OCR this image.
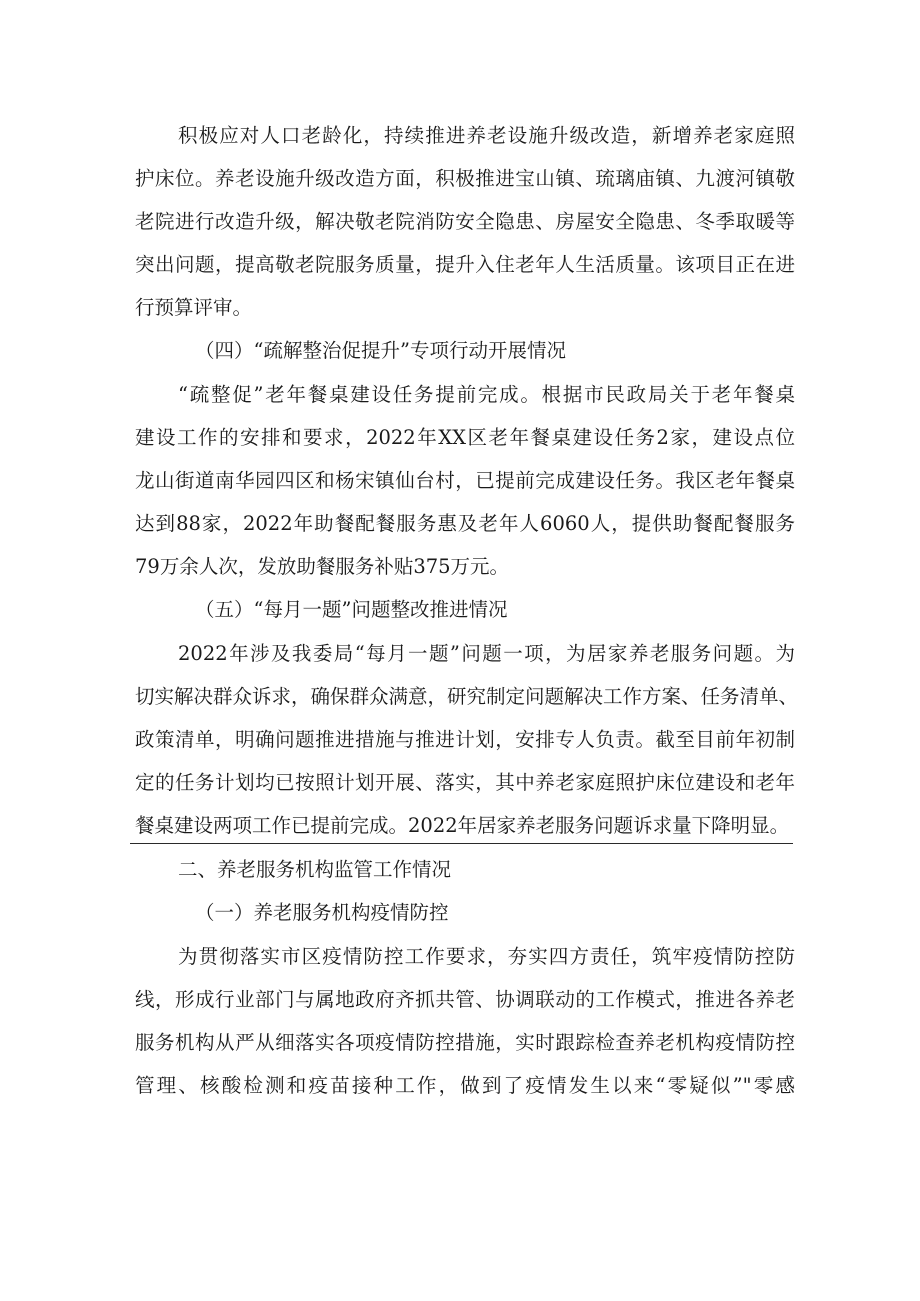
积极应对人口老龄化，持续推进养老设施升级改造，新增养老家庭照
护床位。养老设施升级改造方面，积极推进宝山镇、琉璃庙镇、九渡河镇敬
老院进行改造升级，解决敬老院消防安全隐患、房屋安全隐患、冬季取暖等
突出问题，提高敬老院服务质量，提升入住老年人生活质量。该项目正在进
行预算评审。
（四）“疏解整治促提升”专项行动开展情况
“疏整促”老年餐桌建设任务提前完成。根据市民政局关于老年餐桌
建设工作的安排和要求，2022年XX区老年餐桌建设任务2家，建设点位
龙山街道南华园四区和杨宋镇仙台村，已提前完成建设任务。我区老年餐桌
达到88家，2022年助餐配餐服务惠及老年人6060人，提供助餐配餐服务
79万余人次，发放助餐服务补贴375万元。
（五）“每月一题”问题整改推进情况
2022年涉及我委局“每月一题”问题一项，为居家养老服务问题。为
切实解决群众诉求，确保群众满意，研究制定问题解决工作方案、任务清单、
政策清单，明确问题推进措施与推进计划，安排专人负责。截至目前年初制
定的任务计划均已按照计划开展、落实，其中养老家庭照护床位建设和老年
餐桌建设两项工作已提前完成。2022年居家养老服务问题诉求量下降明显。
二、养老服务机构监管工作情况
（一）养老服务机构疫情防控
为贯彻落实市区疫情防控工作要求，夯实四方责任，筑牢疫情防控防
线，形成行业部门与属地政府齐抓共管、协调联动的工作模式，推进各养老
服务机构从严从细落实各项疫情防控措施，实时跟踪检查养老机构疫情防控
管理、核酸检测和疫苗接种工作，做到了疫情发生以来“零疑似”"零感
